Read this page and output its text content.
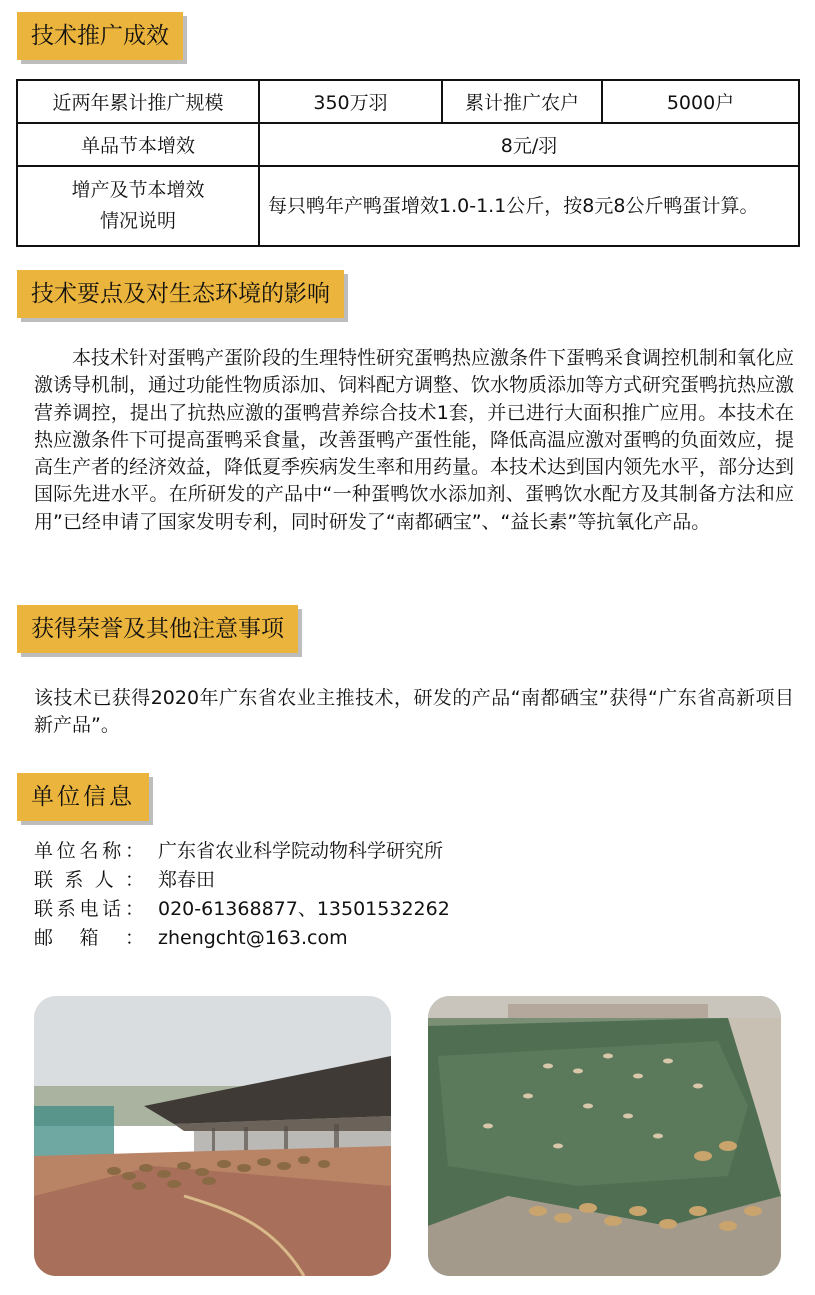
技术推广成效
近两年累计推广规模	350万羽	累计推广农户	5000户
单品节本增效	8元/羽		

增产及节本增效
情况说明	每只鸭年产鸭蛋增效1.0-1.1公斤，按8元8公斤鸭蛋计算。		
技术要点及对生态环境的影响

本技术针对蛋鸭产蛋阶段的生理特性研究蛋鸭热应激条件下蛋鸭采食调控机制和氧化应激诱导机制，通过功能性物质添加、饲料配方调整、饮水物质添加等方式研究蛋鸭抗热应激营养调控，提出了抗热应激的蛋鸭营养综合技术1套，并已进行大面积推广应用。本技术在热应激条件下可提高蛋鸭采食量，改善蛋鸭产蛋性能，降低高温应激对蛋鸭的负面效应，提高生产者的经济效益，降低夏季疾病发生率和用药量。本技术达到国内领先水平，部分达到国际先进水平。在所研发的产品中“一种蛋鸭饮水添加剂、蛋鸭饮水配方及其制备方法和应用”已经申请了国家发明专利，同时研发了“南都硒宝”、“益长素”等抗氧化产品。

获得荣誉及其他注意事项

该技术已获得2020年广东省农业主推技术，研发的产品“南都硒宝”获得“广东省高新项目新产品”。

单位信息
单位名称： 广东省农业科学院动物科学研究所
联系人： 郑春田
联系电话： 020-61368877、13501532262
邮箱： zhengcht@163.com
